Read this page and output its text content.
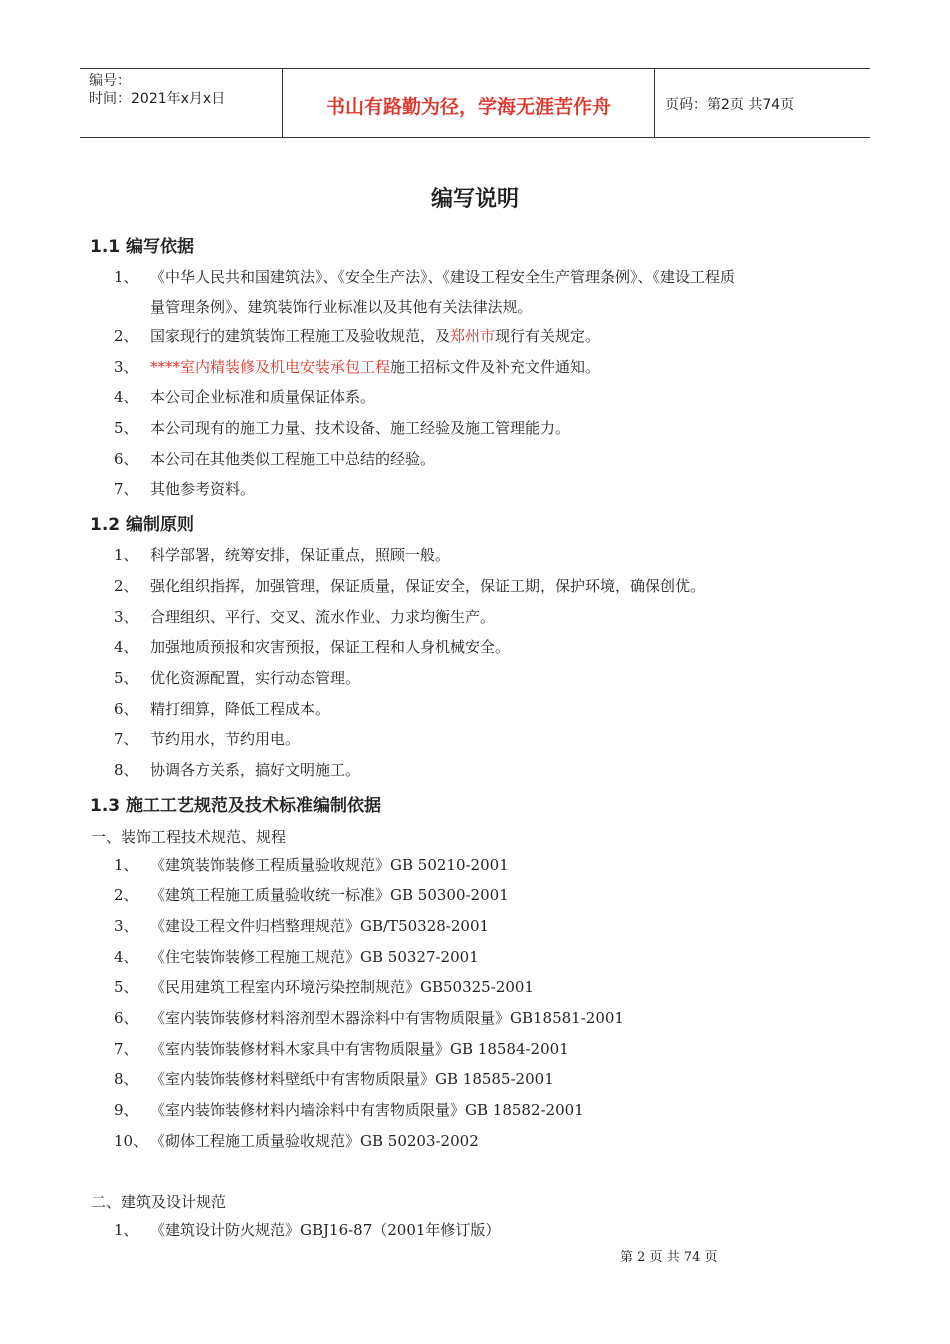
编号：
时间：2021年x月x日	书山有路勤为径，学海无涯苦作舟	页码：第2页 共74页
编写说明
1.1 编写依据
1、 《中华人民共和国建筑法》、《安全生产法》、《建设工程安全生产管理条例》、《建设工程质
量管理条例》、建筑装饰行业标准以及其他有关法律法规。
2、 国家现行的建筑装饰工程施工及验收规范，及郑州市现行有关规定。
3、 ****室内精装修及机电安装承包工程施工招标文件及补充文件通知。
4、 本公司企业标准和质量保证体系。
5、 本公司现有的施工力量、技术设备、施工经验及施工管理能力。
6、 本公司在其他类似工程施工中总结的经验。
7、 其他参考资料。
1.2 编制原则
1、 科学部署，统筹安排，保证重点，照顾一般。
2、 强化组织指挥，加强管理，保证质量，保证安全，保证工期，保护环境，确保创优。
3、 合理组织、平行、交叉、流水作业、力求均衡生产。
4、 加强地质预报和灾害预报，保证工程和人身机械安全。
5、 优化资源配置，实行动态管理。
6、 精打细算，降低工程成本。
7、 节约用水，节约用电。
8、 协调各方关系，搞好文明施工。
1.3 施工工艺规范及技术标准编制依据
一、装饰工程技术规范、规程
1、 《建筑装饰装修工程质量验收规范》GB 50210-2001
2、 《建筑工程施工质量验收统一标准》GB 50300-2001
3、 《建设工程文件归档整理规范》GB/T50328-2001
4、 《住宅装饰装修工程施工规范》GB 50327-2001
5、 《民用建筑工程室内环境污染控制规范》GB50325-2001
6、 《室内装饰装修材料溶剂型木器涂料中有害物质限量》GB18581-2001
7、 《室内装饰装修材料木家具中有害物质限量》GB 18584-2001
8、 《室内装饰装修材料壁纸中有害物质限量》GB 18585-2001
9、 《室内装饰装修材料内墙涂料中有害物质限量》GB 18582-2001
10、 《砌体工程施工质量验收规范》GB 50203-2002
二、建筑及设计规范
1、 《建筑设计防火规范》GBJ16-87（2001年修订版）
第 2 页 共 74 页
